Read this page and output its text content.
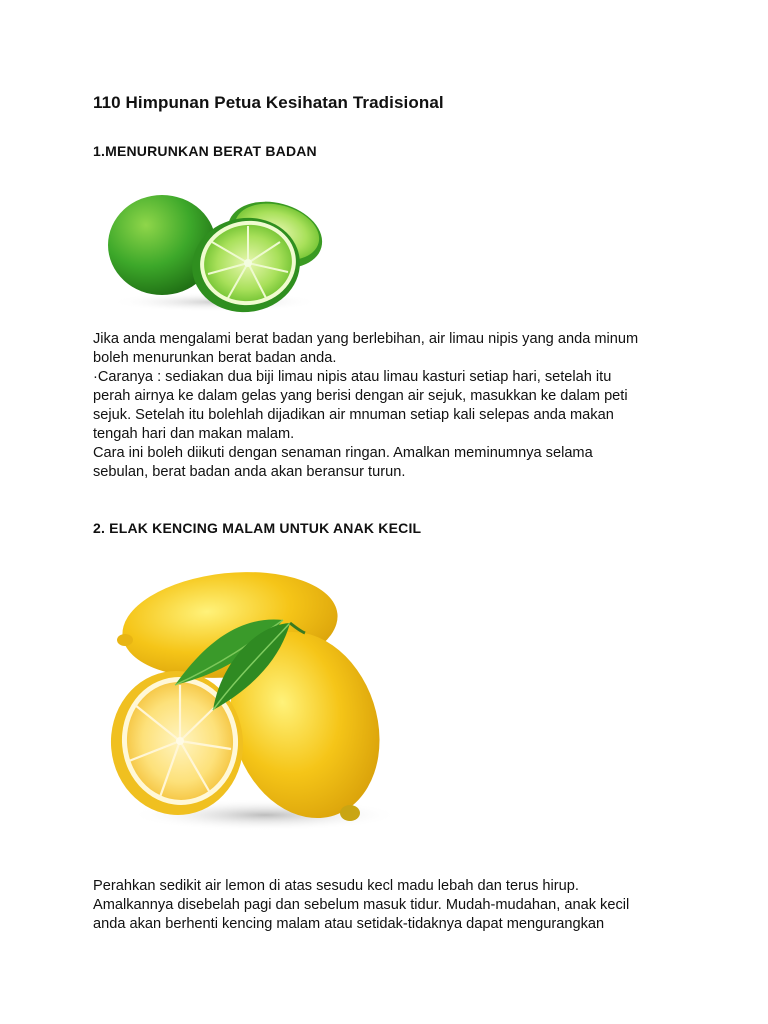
110 Himpunan Petua Kesihatan Tradisional
1.MENURUNKAN BERAT BADAN
Jika anda mengalami berat badan yang berlebihan, air limau nipis yang anda minum
boleh menurunkan berat badan anda.
·Caranya : sediakan dua biji limau nipis atau limau kasturi setiap hari, setelah itu
perah airnya ke dalam gelas yang berisi dengan air sejuk, masukkan ke dalam peti
sejuk. Setelah itu bolehlah dijadikan air mnuman setiap kali selepas anda makan
tengah hari dan makan malam.
Cara ini boleh diikuti dengan senaman ringan. Amalkan meminumnya selama
sebulan, berat badan anda akan beransur turun.
2. ELAK KENCING MALAM UNTUK ANAK KECIL
Perahkan sedikit air lemon di atas sesudu kecl madu lebah dan terus hirup.
Amalkannya disebelah pagi dan sebelum masuk tidur. Mudah-mudahan, anak kecil
anda akan berhenti kencing malam atau setidak-tidaknya dapat mengurangkan
